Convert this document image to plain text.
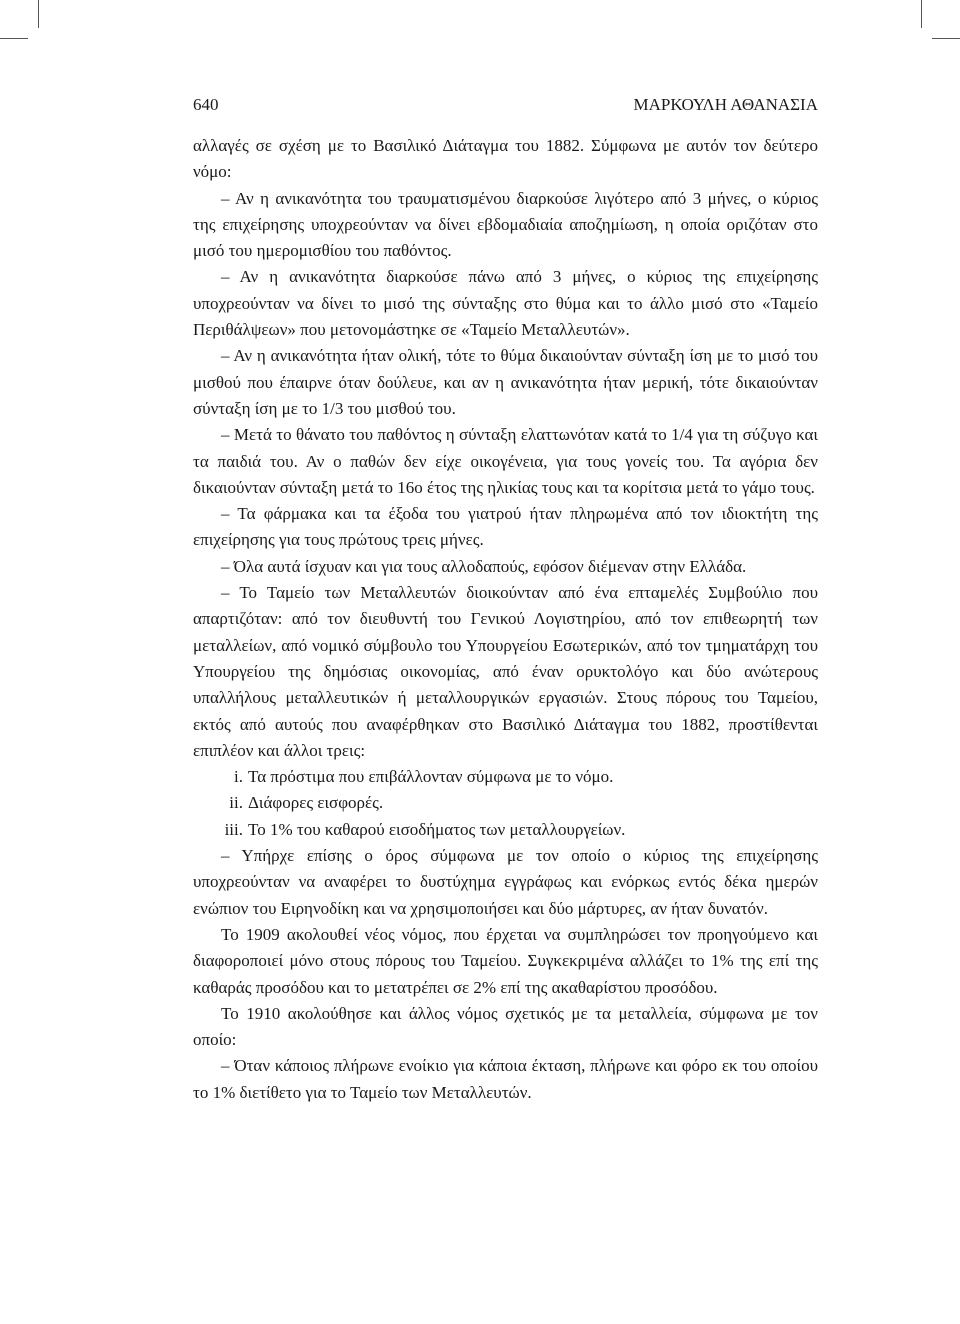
640	ΜΑΡΚΟΥΛΗ ΑΘΑΝΑΣΙΑ

αλλαγές σε σχέση με το Βασιλικό Διάταγμα του 1882. Σύμφωνα με αυτόν τον δεύτερο νόμο:

– Αν η ανικανότητα του τραυματισμένου διαρκούσε λιγότερο από 3 μήνες, ο κύριος της επιχείρησης υποχρεούνταν να δίνει εβδομαδιαία αποζημίωση, η οποία οριζόταν στο μισό του ημερομισθίου του παθόντος.

– Αν η ανικανότητα διαρκούσε πάνω από 3 μήνες, ο κύριος της επιχείρησης υποχρεούνταν να δίνει το μισό της σύνταξης στο θύμα και το άλλο μισό στο «Ταμείο Περιθάλψεων» που μετονομάστηκε σε «Ταμείο Μεταλλευτών».

– Αν η ανικανότητα ήταν ολική, τότε το θύμα δικαιούνταν σύνταξη ίση με το μισό του μισθού που έπαιρνε όταν δούλευε, και αν η ανικανότητα ήταν μερική, τότε δικαιούνταν σύνταξη ίση με το 1/3 του μισθού του.

– Μετά το θάνατο του παθόντος η σύνταξη ελαττωνόταν κατά το 1/4 για τη σύζυγο και τα παιδιά του. Αν ο παθών δεν είχε οικογένεια, για τους γονείς του. Τα αγόρια δεν δικαιούνταν σύνταξη μετά το 16ο έτος της ηλικίας τους και τα κορίτσια μετά το γάμο τους.

– Τα φάρμακα και τα έξοδα του γιατρού ήταν πληρωμένα από τον ιδιοκτήτη της επιχείρησης για τους πρώτους τρεις μήνες.

– Όλα αυτά ίσχυαν και για τους αλλοδαπούς, εφόσον διέμεναν στην Ελλάδα.

– Το Ταμείο των Μεταλλευτών διοικούνταν από ένα επταμελές Συμβούλιο που απαρτιζόταν: από τον διευθυντή του Γενικού Λογιστηρίου, από τον επιθεωρητή των μεταλλείων, από νομικό σύμβουλο του Υπουργείου Εσωτερικών, από τον τμηματάρχη του Υπουργείου της δημόσιας οικονομίας, από έναν ορυκτολόγο και δύο ανώτερους υπαλλήλους μεταλλευτικών ή μεταλλουργικών εργασιών. Στους πόρους του Ταμείου, εκτός από αυτούς που αναφέρθηκαν στο Βασιλικό Διάταγμα του 1882, προστίθενται επιπλέον και άλλοι τρεις:

i. Τα πρόστιμα που επιβάλλονταν σύμφωνα με το νόμο.

ii. Διάφορες εισφορές.

iii. Το 1% του καθαρού εισοδήματος των μεταλλουργείων.

– Υπήρχε επίσης ο όρος σύμφωνα με τον οποίο ο κύριος της επιχείρησης υποχρεούνταν να αναφέρει το δυστύχημα εγγράφως και ενόρκως εντός δέκα ημερών ενώπιον του Ειρηνοδίκη και να χρησιμοποιήσει και δύο μάρτυρες, αν ήταν δυνατόν.

Το 1909 ακολουθεί νέος νόμος, που έρχεται να συμπληρώσει τον προηγούμενο και διαφοροποιεί μόνο στους πόρους του Ταμείου. Συγκεκριμένα αλλάζει το 1% της επί της καθαράς προσόδου και το μετατρέπει σε 2% επί της ακαθαρίστου προσόδου.

Το 1910 ακολούθησε και άλλος νόμος σχετικός με τα μεταλλεία, σύμφωνα με τον οποίο:

– Όταν κάποιος πλήρωνε ενοίκιο για κάποια έκταση, πλήρωνε και φόρο εκ του οποίου το 1% διετίθετο για το Ταμείο των Μεταλλευτών.
